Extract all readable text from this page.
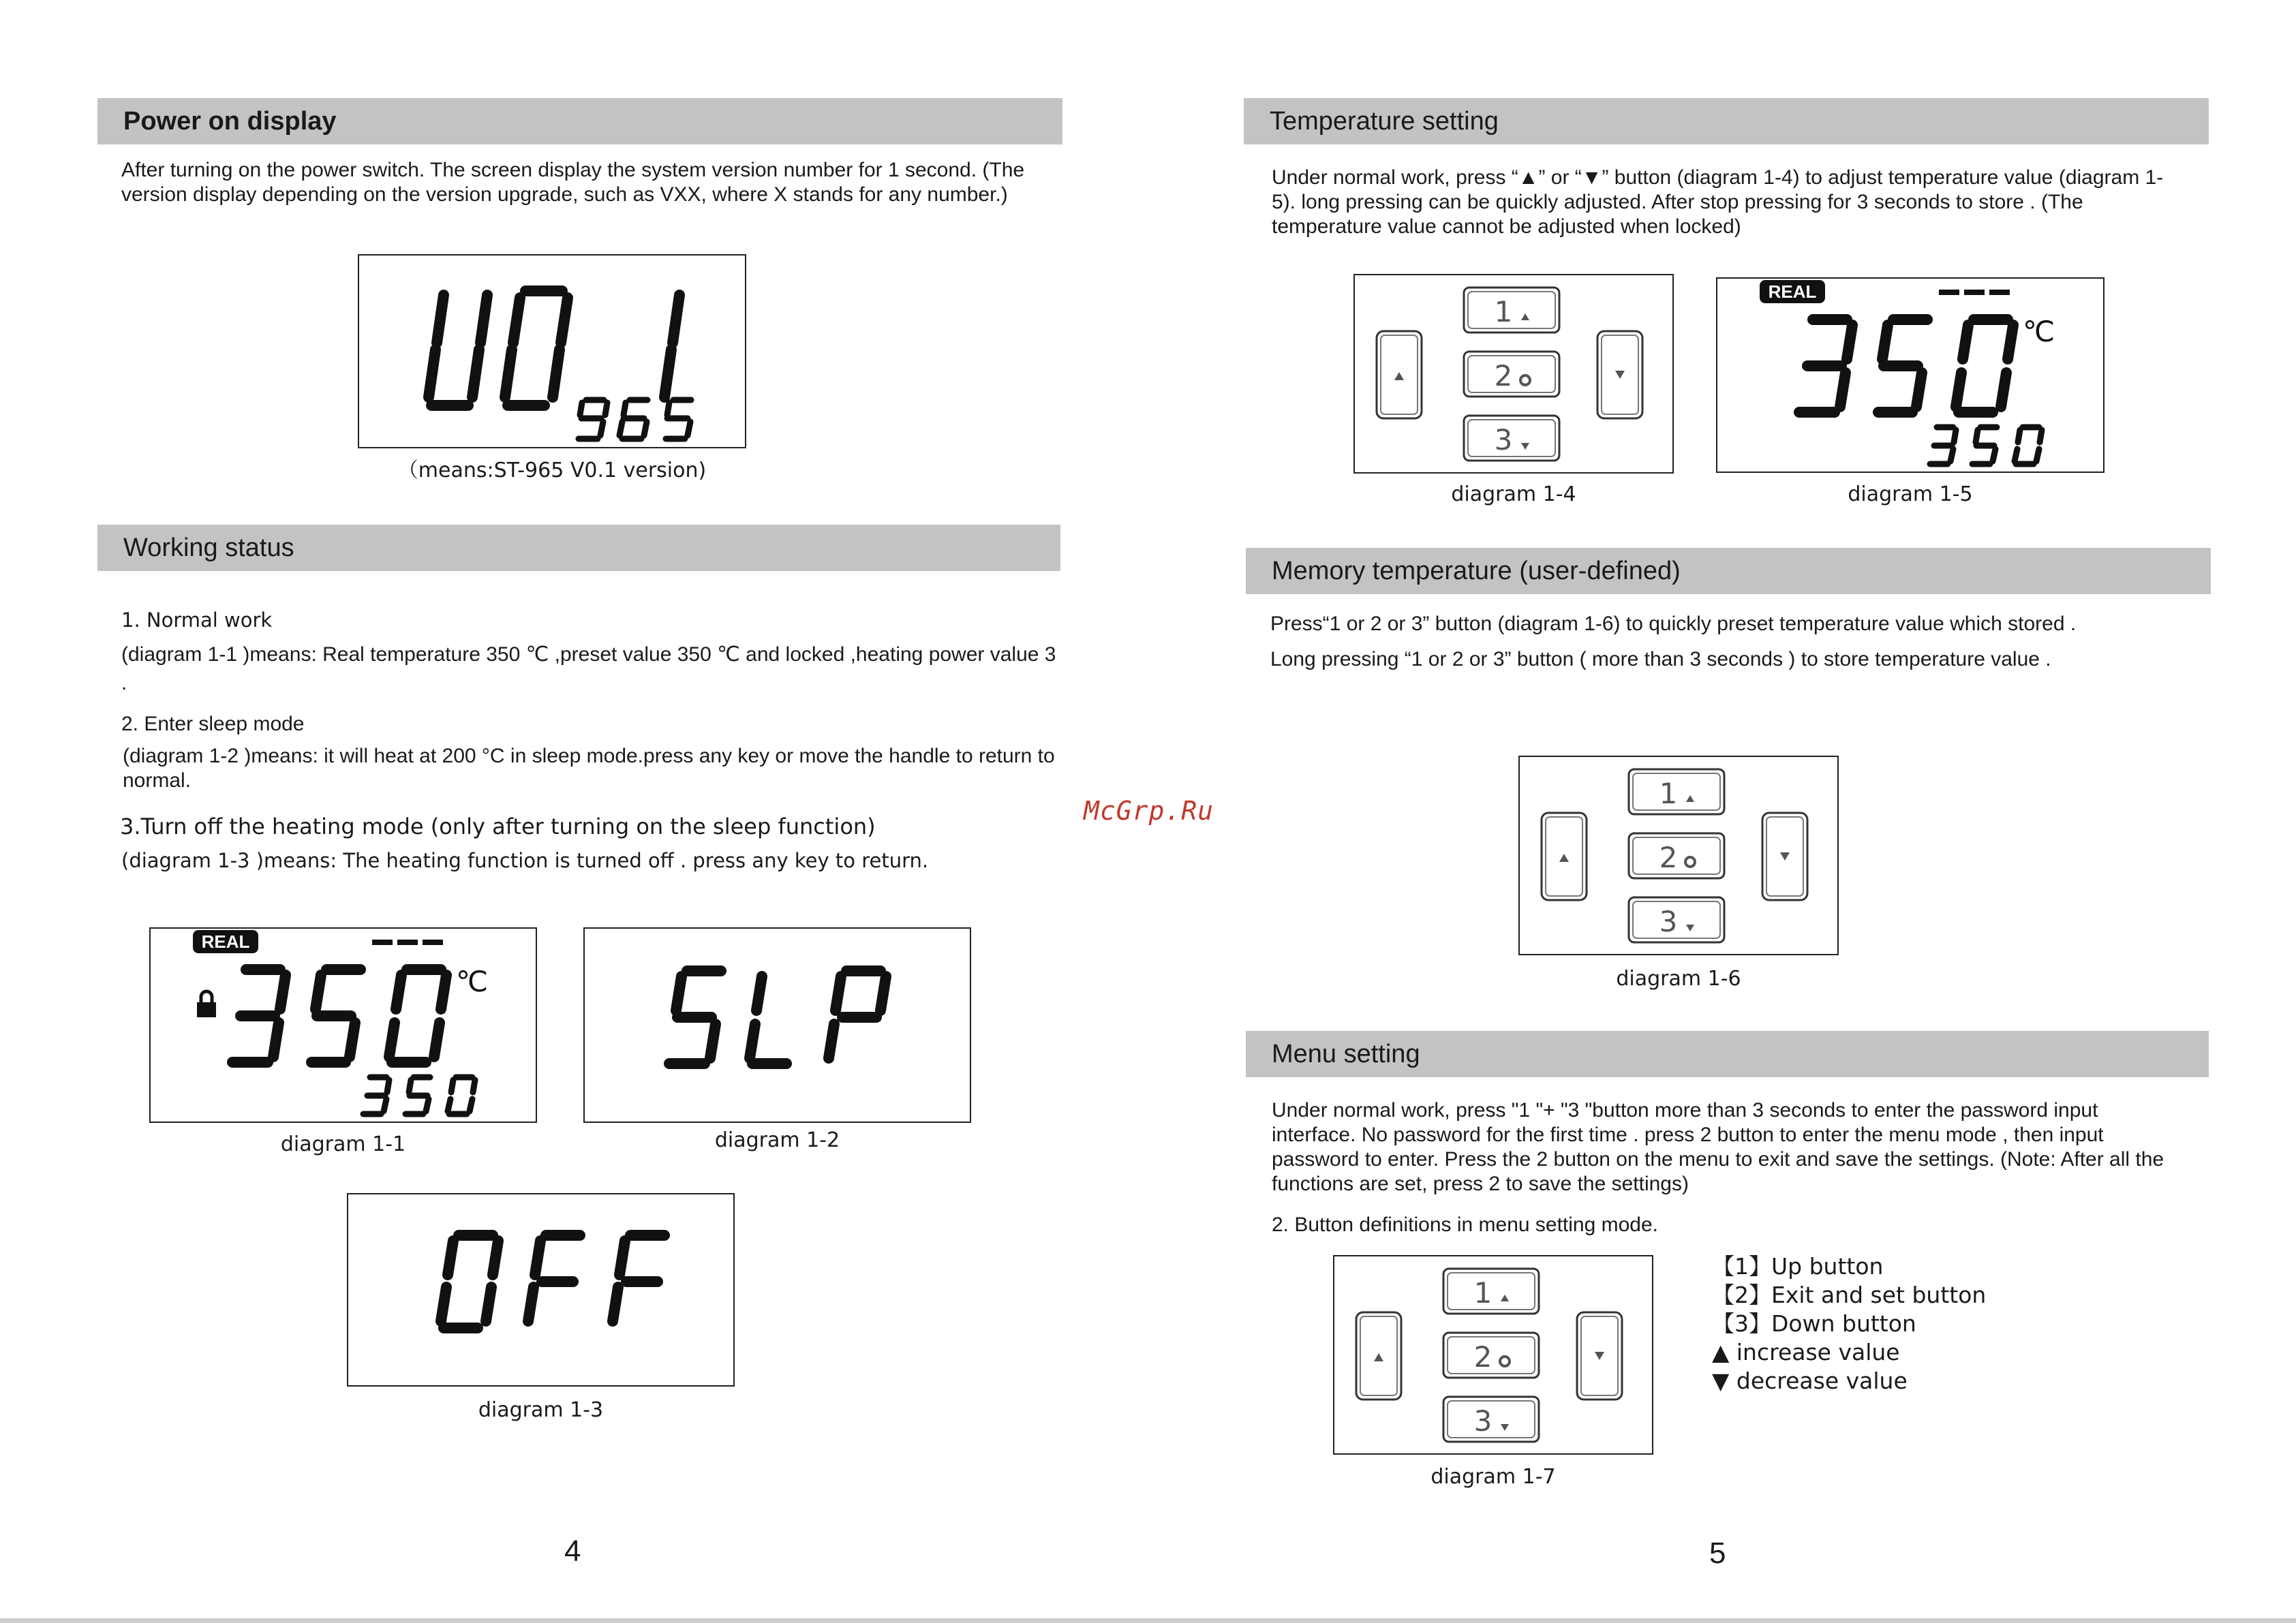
Power on display

After turning on the power switch. The screen display the system version number for 1 second. (The version display depending on the version upgrade, such as VXX, where X stands for any number.)

（means:ST-965 V0.1 version)
Working status

1. Normal work

(diagram 1-1 )means: Real temperature 350 ℃ ,preset value 350 ℃ and locked ,heating power value 3 .

2. Enter sleep mode

(diagram 1-2 )means: it will heat at 200 °C in sleep mode.press any key or move the handle to return to normal.

3.Turn off the heating mode (only after turning on the sleep function)

(diagram 1-3 )means: The heating function is turned off . press any key to return.

REAL
℃
diagram 1-1	diagram 1-2
diagram 1-3
4
McGrp.Ru
Temperature setting

Under normal work, press “▲” or “▼” button (diagram 1-4) to adjust temperature value (diagram 1-5). long pressing can be quickly adjusted. After stop pressing for 3 seconds to store . (The temperature value cannot be adjusted when locked)

1
2
3
diagram 1-4
REAL
℃
diagram 1-5
Memory temperature (user-defined)

Press“1 or 2 or 3” button (diagram 1-6) to quickly preset temperature value which stored .

Long pressing “1 or 2 or 3” button ( more than 3 seconds ) to store temperature value .

1
2
3
diagram 1-6
Menu setting

Under normal work, press "1 "+ "3 "button more than 3 seconds to enter the password input interface. No password for the first time . press 2 button to enter the menu mode , then input password to enter. Press the 2 button on the menu to exit and save the settings. (Note: After all the functions are set, press 2 to save the settings)

2. Button definitions in menu setting mode.

1
2
3
diagram 1-7
【1】Up button
【2】Exit and set button
【3】Down button
▲ increase value
▼ decrease value
5
